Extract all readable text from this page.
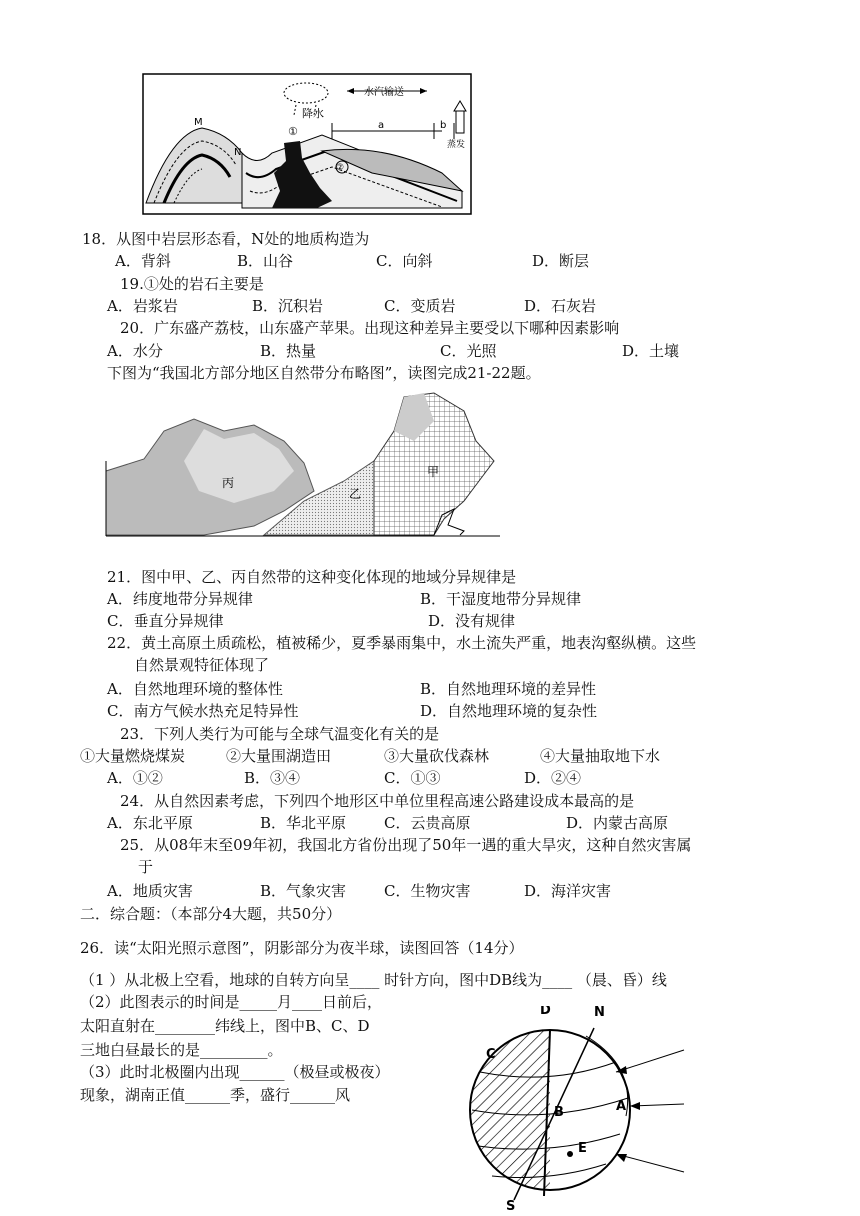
M
N
降水
①
②
a	b
水汽输送
蒸发
18．从图中岩层形态看，N处的地质构造为
A．背斜	B．山谷	C．向斜	D．断层
19.①处的岩石主要是
A．岩浆岩	B．沉积岩	C．变质岩	D．石灰岩
20．广东盛产荔枝，山东盛产苹果。出现这种差异主要受以下哪种因素影响
A．水分	B．热量	C．光照	D．土壤
下图为“我国北方部分地区自然带分布略图”，读图完成21-22题。
甲
乙
丙
21．图中甲、乙、丙自然带的这种变化体现的地域分异规律是
A．纬度地带分异规律	B．干湿度地带分异规律
C．垂直分异规律	D．没有规律
22．黄土高原土质疏松，植被稀少，夏季暴雨集中，水土流失严重，地表沟壑纵横。这些
自然景观特征体现了
A．自然地理环境的整体性	B．自然地理环境的差异性
C．南方气候水热充足特异性	D．自然地理环境的复杂性
23．下列人类行为可能与全球气温变化有关的是
①大量燃烧煤炭	②大量围湖造田	③大量砍伐森林	④大量抽取地下水
A．①②	B．③④	C．①③	D．②④
24．从自然因素考虑，下列四个地形区中单位里程高速公路建设成本最高的是
A．东北平原	B．华北平原	C．云贵高原	D．内蒙古高原
25．从08年末至09年初，我国北方省份出现了50年一遇的重大旱灾，这种自然灾害属
于
A．地质灾害	B．气象灾害	C．生物灾害	D．海洋灾害
二．综合题：（本部分4大题，共50分）
26．读“太阳光照示意图”，阴影部分为夜半球，读图回答（14分）
（1 ）从北极上空看，地球的自转方向呈____ 时针方向，图中DB线为____ （晨、昏）线
（2）此图表示的时间是_____月____日前后，
太阳直射在________纬线上，图中B、C、D
三地白昼最长的是_________。
（3）此时北极圈内出现______（极昼或极夜）
现象，湖南正值______季，盛行______风
D	N
C
B	A
E
S
